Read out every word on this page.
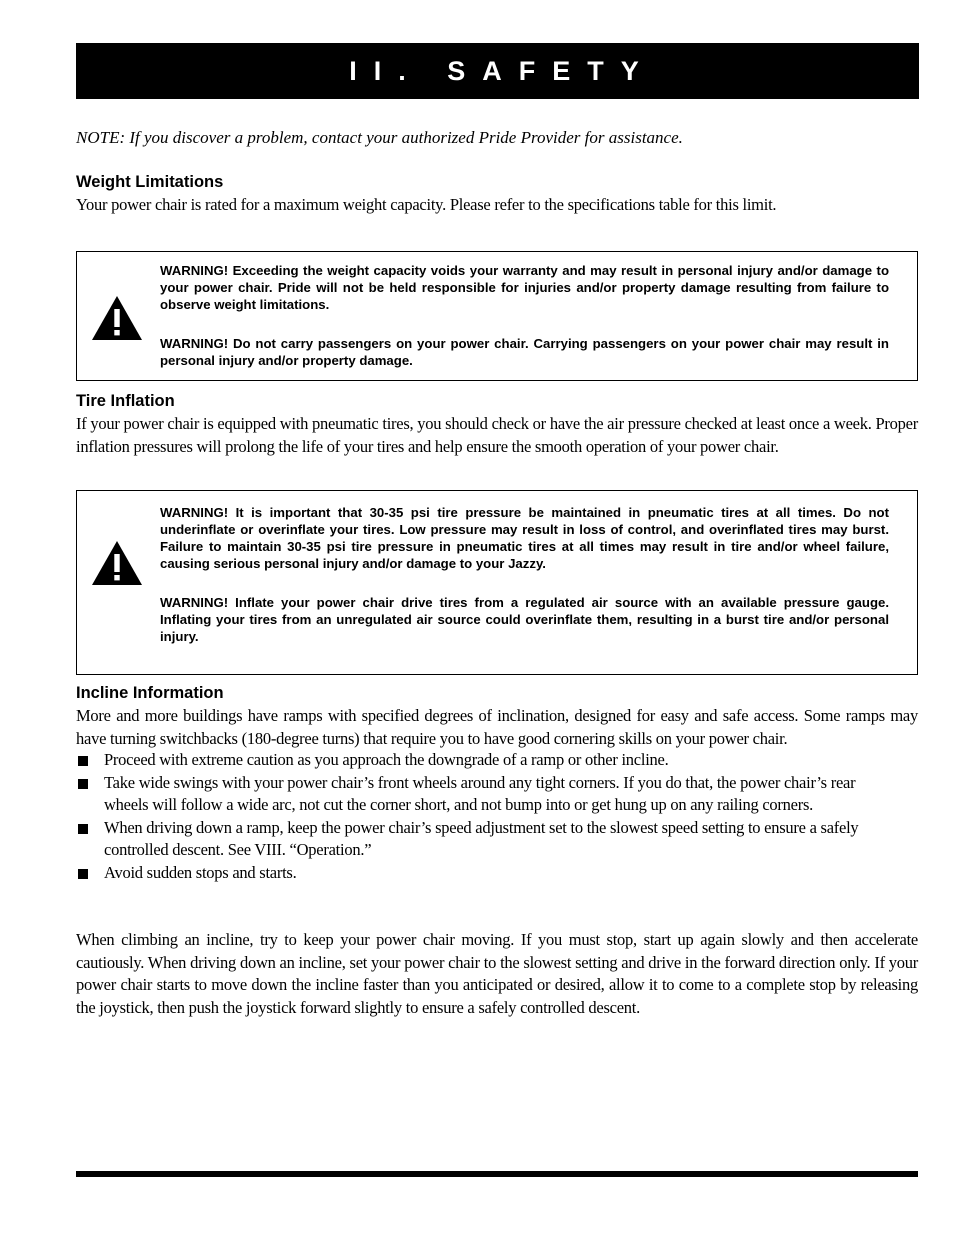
II. SAFETY
NOTE: If you discover a problem, contact your authorized Pride Provider for assistance.
Weight Limitations
Your power chair is rated for a maximum weight capacity. Please refer to the specifications table for this limit.

WARNING! Exceeding the weight capacity voids your warranty and may result in personal injury and/or damage to your power chair. Pride will not be held responsible for injuries and/or property damage resulting from failure to observe weight limitations.

WARNING! Do not carry passengers on your power chair. Carrying passengers on your power chair may result in personal injury and/or property damage.

Tire Inflation
If your power chair is equipped with pneumatic tires, you should check or have the air pressure checked at least once a week. Proper inflation pressures will prolong the life of your tires and help ensure the smooth operation of your power chair.

WARNING! It is important that 30-35 psi tire pressure be maintained in pneumatic tires at all times. Do not underinflate or overinflate your tires. Low pressure may result in loss of control, and overinflated tires may burst. Failure to maintain 30-35 psi tire pressure in pneumatic tires at all times may result in tire and/or wheel failure, causing serious personal injury and/or damage to your Jazzy.

WARNING! Inflate your power chair drive tires from a regulated air source with an available pressure gauge. Inflating your tires from an unregulated air source could overinflate them, resulting in a burst tire and/or personal injury.

Incline Information
More and more buildings have ramps with specified degrees of inclination, designed for easy and safe access. Some ramps may have turning switchbacks (180-degree turns) that require you to have good cornering skills on your power chair.
Proceed with extreme caution as you approach the downgrade of a ramp or other incline.
Take wide swings with your power chair’s front wheels around any tight corners. If you do that, the power chair’s rear wheels will follow a wide arc, not cut the corner short, and not bump into or get hung up on any railing corners.
When driving down a ramp, keep the power chair’s speed adjustment set to the slowest speed setting to ensure a safely controlled descent. See VIII. “Operation.”
Avoid sudden stops and starts.
When climbing an incline, try to keep your power chair moving. If you must stop, start up again slowly and then accelerate cautiously. When driving down an incline, set your power chair to the slowest setting and drive in the forward direction only. If your power chair starts to move down the incline faster than you anticipated or desired, allow it to come to a complete stop by releasing the joystick, then push the joystick forward slightly to ensure a safely controlled descent.
